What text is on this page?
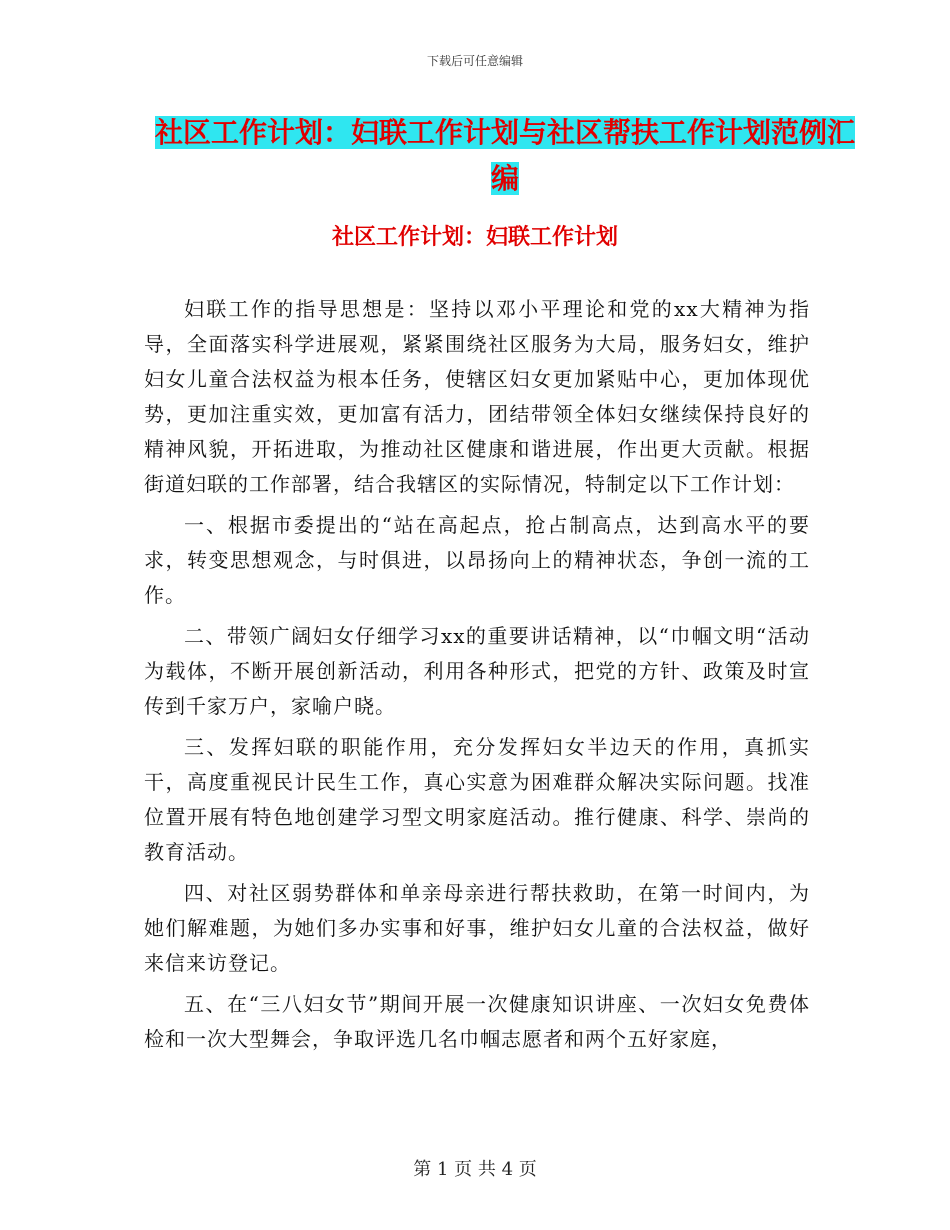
下载后可任意编辑
社区工作计划：妇联工作计划与社区帮扶工作计划范例汇编
社区工作计划：妇联工作计划

妇联工作的指导思想是：坚持以邓小平理论和党的xx大精神为指导，全面落实科学进展观，紧紧围绕社区服务为大局，服务妇女，维护妇女儿童合法权益为根本任务，使辖区妇女更加紧贴中心，更加体现优势，更加注重实效，更加富有活力，团结带领全体妇女继续保持良好的精神风貌，开拓进取，为推动社区健康和谐进展，作出更大贡献。根据街道妇联的工作部署，结合我辖区的实际情况，特制定以下工作计划：

一、根据市委提出的“站在高起点，抢占制高点，达到高水平的要求，转变思想观念，与时俱进，以昂扬向上的精神状态，争创一流的工作。

二、带领广阔妇女仔细学习xx的重要讲话精神，以“巾帼文明“活动为载体，不断开展创新活动，利用各种形式，把党的方针、政策及时宣传到千家万户，家喻户晓。

三、发挥妇联的职能作用，充分发挥妇女半边天的作用，真抓实干，高度重视民计民生工作，真心实意为困难群众解决实际问题。找准位置开展有特色地创建学习型文明家庭活动。推行健康、科学、崇尚的教育活动。

四、对社区弱势群体和单亲母亲进行帮扶救助，在第一时间内，为她们解难题，为她们多办实事和好事，维护妇女儿童的合法权益，做好来信来访登记。

五、在“三八妇女节”期间开展一次健康知识讲座、一次妇女免费体检和一次大型舞会，争取评选几名巾帼志愿者和两个五好家庭，

第 1 页 共 4 页
